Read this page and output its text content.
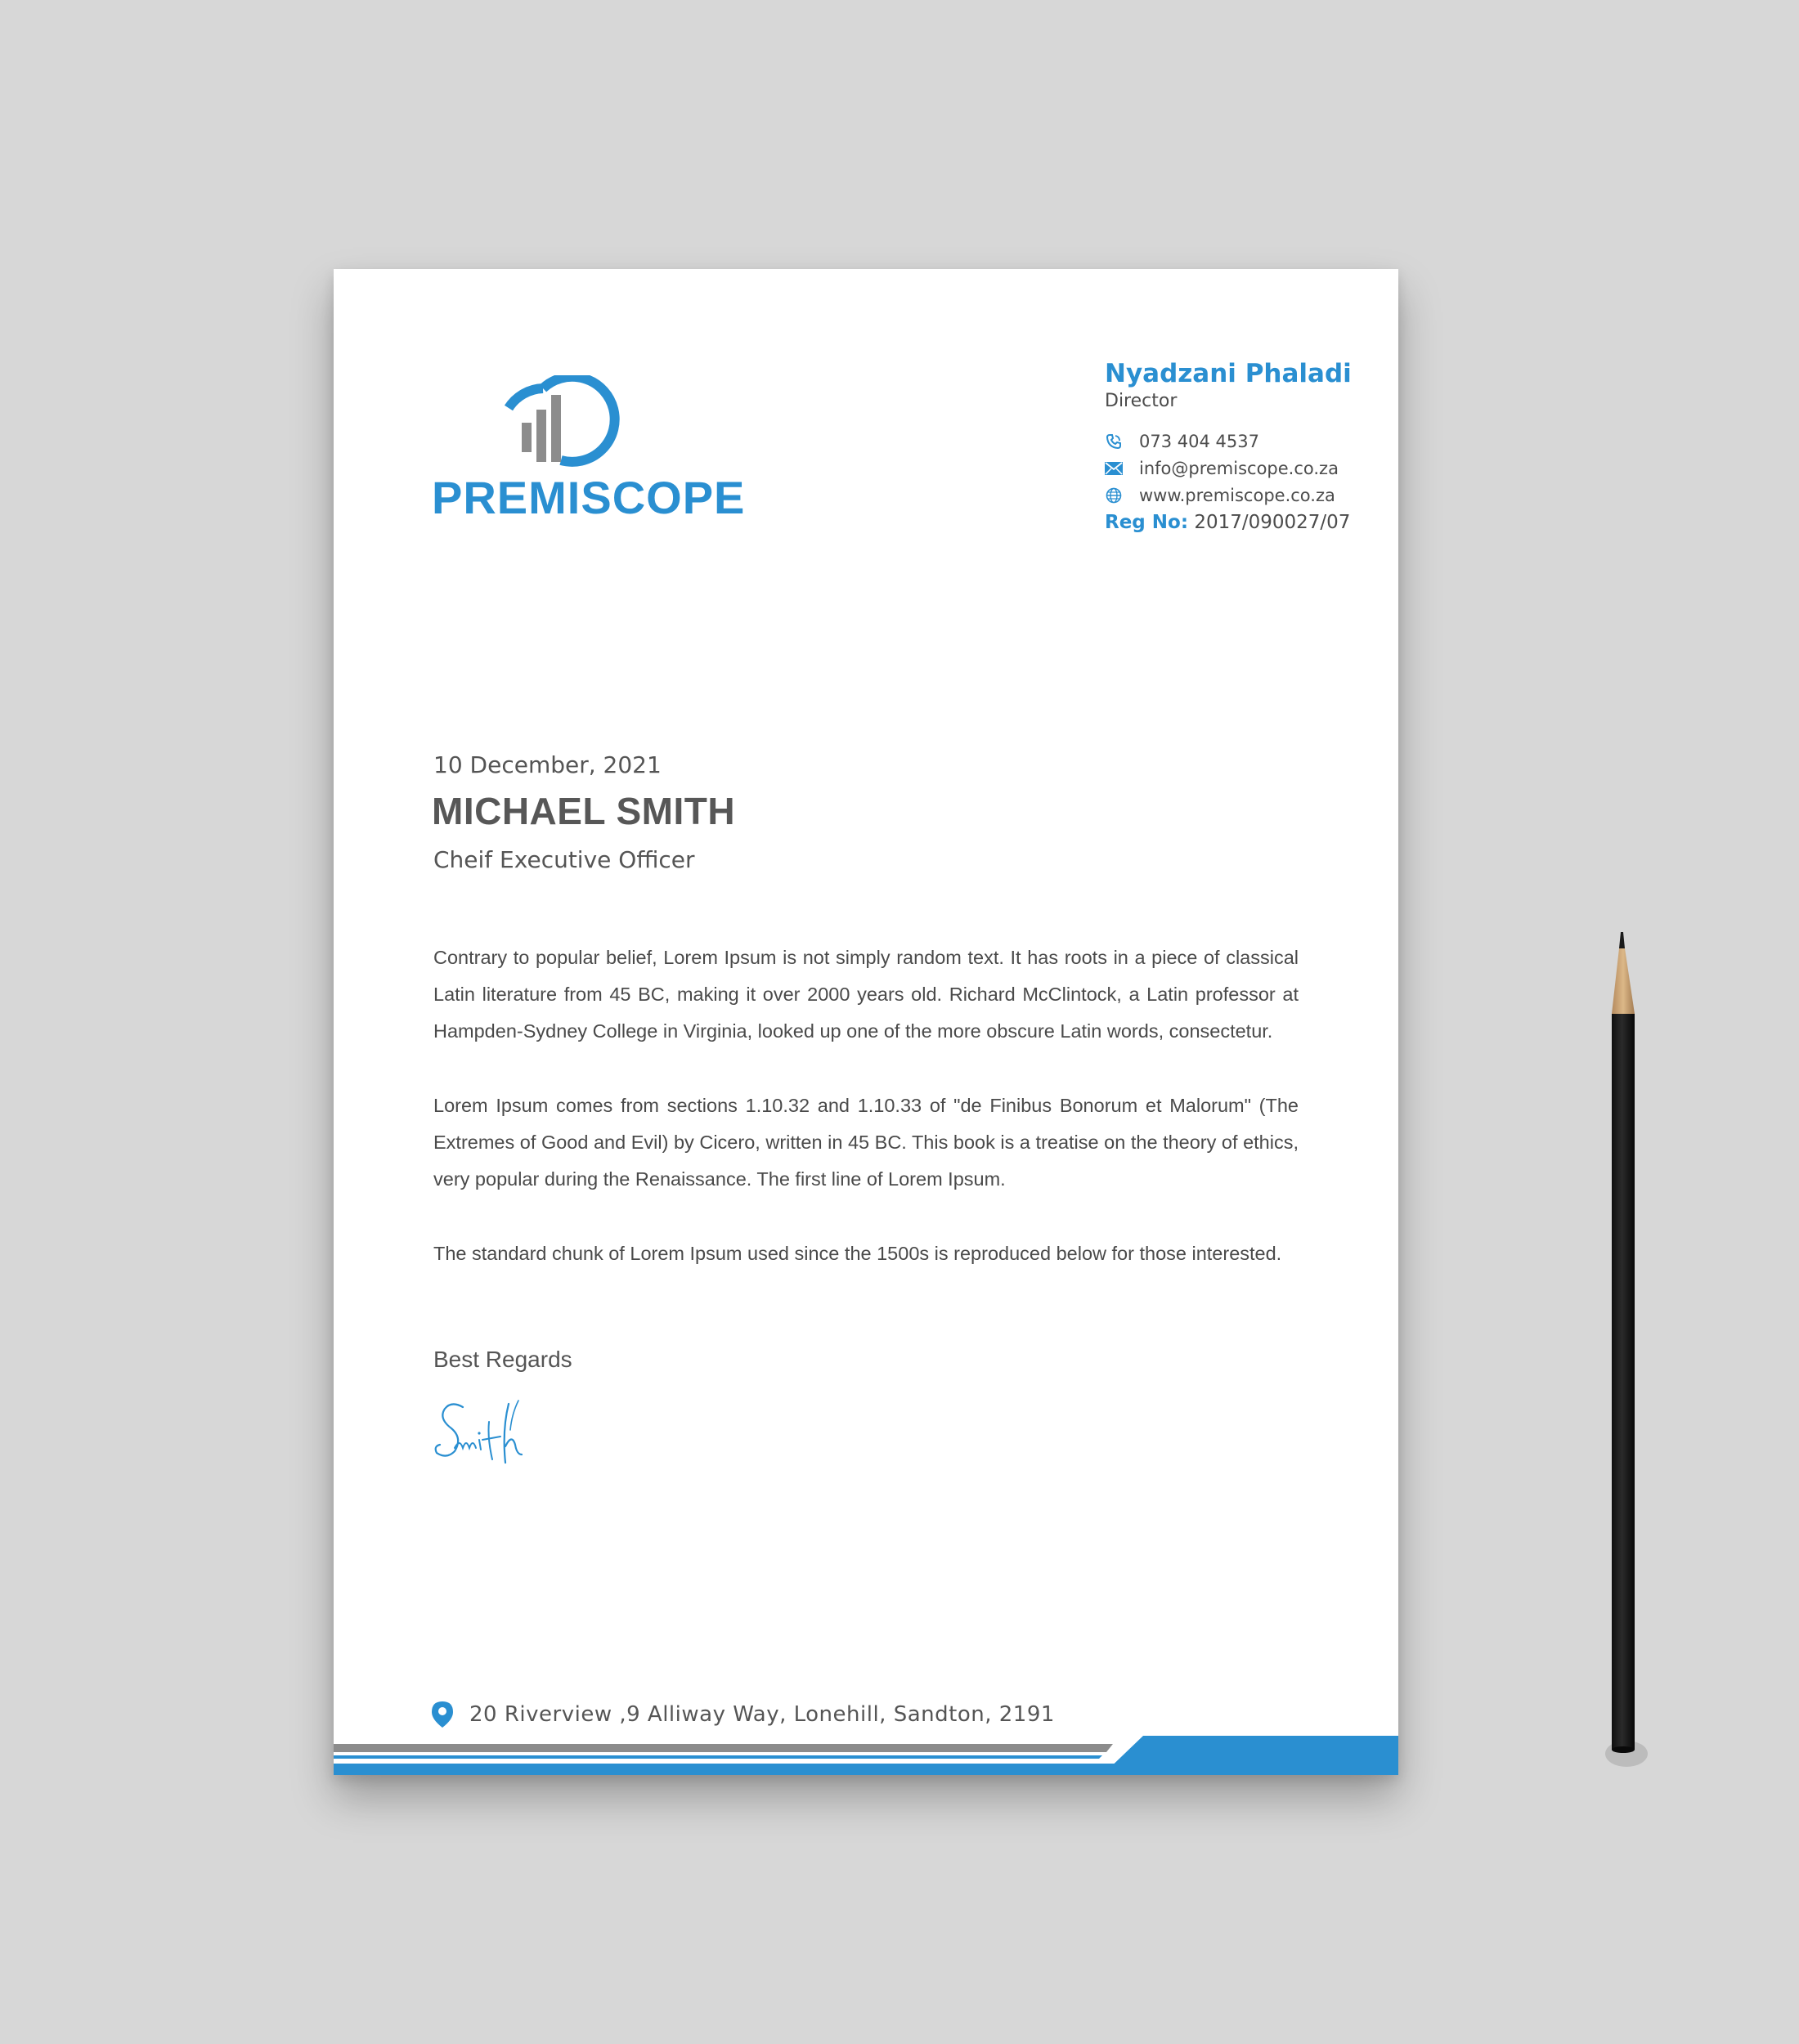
PREMISCOPE
Nyadzani Phaladi
Director
073 404 4537
info@premiscope.co.za
www.premiscope.co.za
Reg No: 2017/090027/07
10 December, 2021
MICHAEL SMITH
Cheif Executive Officer

Contrary to popular belief, Lorem Ipsum is not simply random text. It has roots in a piece of classical Latin literature from 45 BC, making it over 2000 years old. Richard McClintock, a Latin professor at Hampden-Sydney College in Virginia, looked up one of the more obscure Latin words, consectetur.

Lorem Ipsum comes from sections 1.10.32 and 1.10.33 of "de Finibus Bonorum et Malorum" (The Extremes of Good and Evil) by Cicero, written in 45 BC. This book is a treatise on the theory of ethics, very popular during the Renaissance. The first line of Lorem Ipsum.

The standard chunk of Lorem Ipsum used since the 1500s is reproduced below for those interested.

Best Regards
20 Riverview ,9 Alliway Way, Lonehill, Sandton, 2191
